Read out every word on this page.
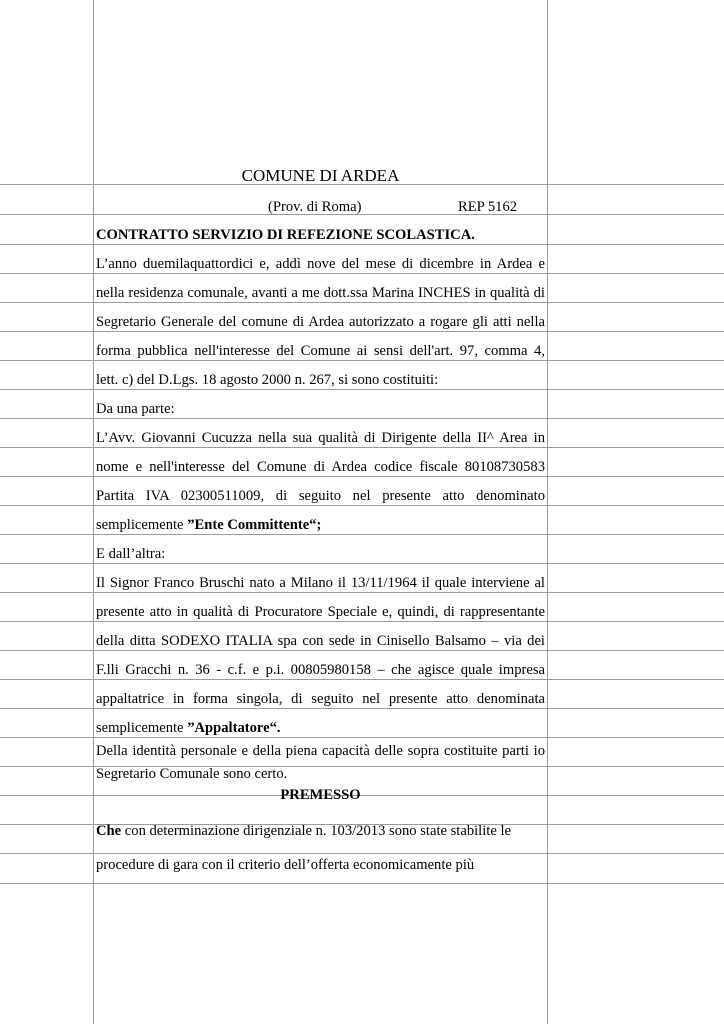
COMUNE DI ARDEA
(Prov. di Roma)	REP 5162
CONTRATTO SERVIZIO DI REFEZIONE SCOLASTICA.
L’anno duemilaquattordici e, addì nove del mese di dicembre in Ardea e
nella residenza comunale, avanti a me dott.ssa Marina INCHES in qualità di
Segretario Generale del comune di Ardea autorizzato a rogare gli atti nella
forma pubblica nell'interesse del Comune ai sensi dell'art. 97, comma 4,
lett. c) del D.Lgs. 18 agosto 2000 n. 267, si sono costituiti:
Da una parte:
L’Avv. Giovanni Cucuzza nella sua qualità di Dirigente della II^ Area in
nome e nell'interesse del Comune di Ardea codice fiscale 80108730583
Partita IVA 02300511009, di seguito nel presente atto denominato
semplicemente ”Ente Committente“;
E dall’altra:
Il Signor Franco Bruschi nato a Milano il 13/11/1964 il quale interviene al
presente atto in qualità di Procuratore Speciale e, quindi, di rappresentante
della ditta SODEXO ITALIA spa con sede in Cinisello Balsamo – via dei
F.lli Gracchi n. 36 - c.f. e p.i. 00805980158 – che agisce quale impresa
appaltatrice in forma singola, di seguito nel presente atto denominata
semplicemente ”Appaltatore“.
Della identità personale e della piena capacità delle sopra costituite parti io
Segretario Comunale sono certo.
PREMESSO
Che con determinazione dirigenziale n. 103/2013 sono state stabilite le
procedure di gara con il criterio dell’offerta economicamente più
